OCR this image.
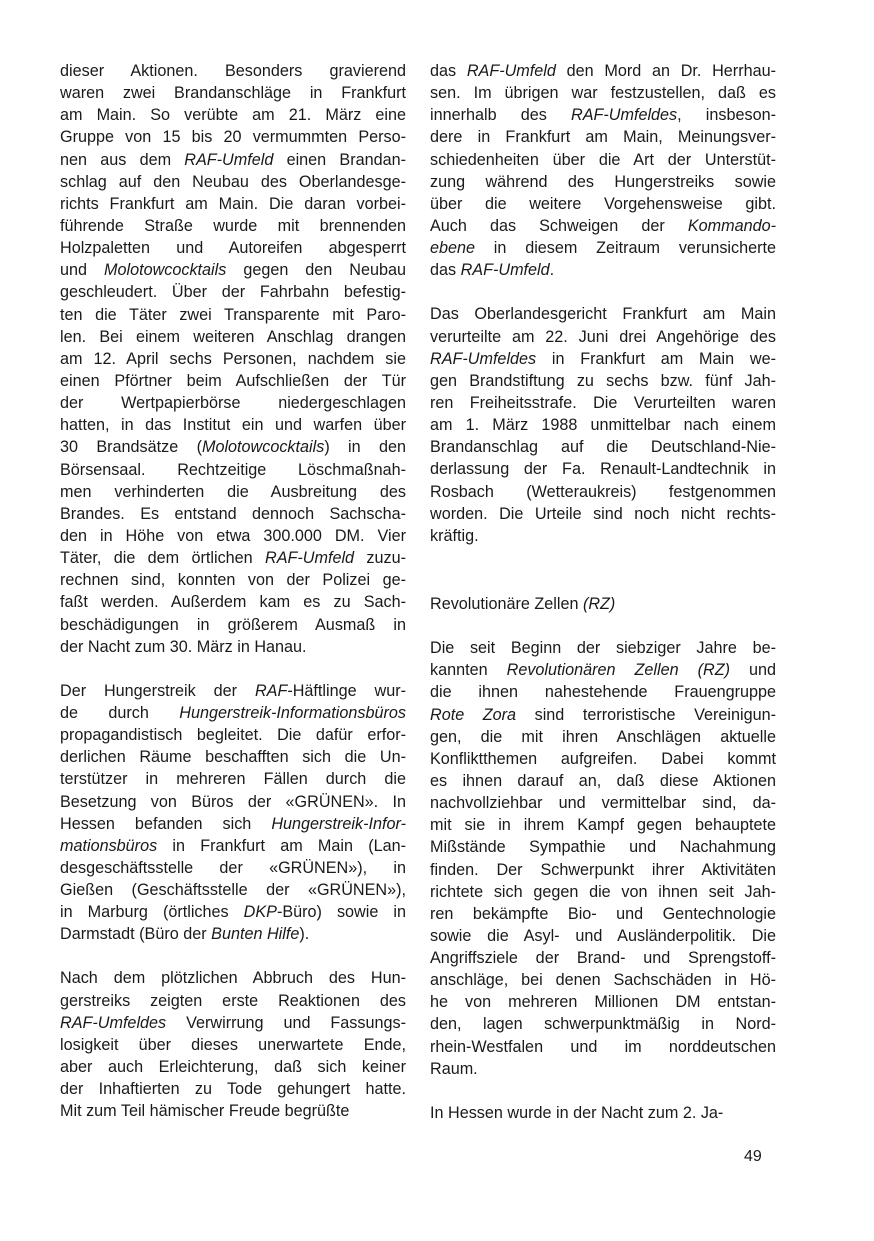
dieser Aktionen. Besonders gravierend
waren zwei Brandanschläge in Frankfurt
am Main. So verübte am 21. März eine
Gruppe von 15 bis 20 vermummten Perso-
nen aus dem RAF-Umfeld einen Brandan-
schlag auf den Neubau des Oberlandesge-
richts Frankfurt am Main. Die daran vorbei-
führende Straße wurde mit brennenden
Holzpaletten und Autoreifen abgesperrt
und Molotowcocktails gegen den Neubau
geschleudert. Über der Fahrbahn befestig-
ten die Täter zwei Transparente mit Paro-
len. Bei einem weiteren Anschlag drangen
am 12. April sechs Personen, nachdem sie
einen Pförtner beim Aufschließen der Tür
der Wertpapierbörse niedergeschlagen
hatten, in das Institut ein und warfen über
30 Brandsätze (Molotowcocktails) in den
Börsensaal. Rechtzeitige Löschmaßnah-
men verhinderten die Ausbreitung des
Brandes. Es entstand dennoch Sachscha-
den in Höhe von etwa 300.000 DM. Vier
Täter, die dem örtlichen RAF-Umfeld zuzu-
rechnen sind, konnten von der Polizei ge-
faßt werden. Außerdem kam es zu Sach-
beschädigungen in größerem Ausmaß in
der Nacht zum 30. März in Hanau.
Der Hungerstreik der RAF-Häftlinge wur-
de durch Hungerstreik-Informationsbüros
propagandistisch begleitet. Die dafür erfor-
derlichen Räume beschafften sich die Un-
terstützer in mehreren Fällen durch die
Besetzung von Büros der «GRÜNEN». In
Hessen befanden sich Hungerstreik-Infor-
mationsbüros in Frankfurt am Main (Lan-
desgeschäftsstelle der «GRÜNEN»), in
Gießen (Geschäftsstelle der «GRÜNEN»),
in Marburg (örtliches DKP-Büro) sowie in
Darmstadt (Büro der Bunten Hilfe).
Nach dem plötzlichen Abbruch des Hun-
gerstreiks zeigten erste Reaktionen des
RAF-Umfeldes Verwirrung und Fassungs-
losigkeit über dieses unerwartete Ende,
aber auch Erleichterung, daß sich keiner
der Inhaftierten zu Tode gehungert hatte.
Mit zum Teil hämischer Freude begrüßte
das RAF-Umfeld den Mord an Dr. Herrhau-
sen. Im übrigen war festzustellen, daß es
innerhalb des RAF-Umfeldes, insbeson-
dere in Frankfurt am Main, Meinungsver-
schiedenheiten über die Art der Unterstüt-
zung während des Hungerstreiks sowie
über die weitere Vorgehensweise gibt.
Auch das Schweigen der Kommando-
ebene in diesem Zeitraum verunsicherte
das RAF-Umfeld.
Das Oberlandesgericht Frankfurt am Main
verurteilte am 22. Juni drei Angehörige des
RAF-Umfeldes in Frankfurt am Main we-
gen Brandstiftung zu sechs bzw. fünf Jah-
ren Freiheitsstrafe. Die Verurteilten waren
am 1. März 1988 unmittelbar nach einem
Brandanschlag auf die Deutschland-Nie-
derlassung der Fa. Renault-Landtechnik in
Rosbach (Wetteraukreis) festgenommen
worden. Die Urteile sind noch nicht rechts-
kräftig.
Revolutionäre Zellen (RZ)
Die seit Beginn der siebziger Jahre be-
kannten Revolutionären Zellen (RZ) und
die ihnen nahestehende Frauengruppe
Rote Zora sind terroristische Vereinigun-
gen, die mit ihren Anschlägen aktuelle
Konfliktthemen aufgreifen. Dabei kommt
es ihnen darauf an, daß diese Aktionen
nachvollziehbar und vermittelbar sind, da-
mit sie in ihrem Kampf gegen behauptete
Mißstände Sympathie und Nachahmung
finden. Der Schwerpunkt ihrer Aktivitäten
richtete sich gegen die von ihnen seit Jah-
ren bekämpfte Bio- und Gentechnologie
sowie die Asyl- und Ausländerpolitik. Die
Angriffsziele der Brand- und Sprengstoff-
anschläge, bei denen Sachschäden in Hö-
he von mehreren Millionen DM entstan-
den, lagen schwerpunktmäßig in Nord-
rhein-Westfalen und im norddeutschen
Raum.
In Hessen wurde in der Nacht zum 2. Ja-
49
